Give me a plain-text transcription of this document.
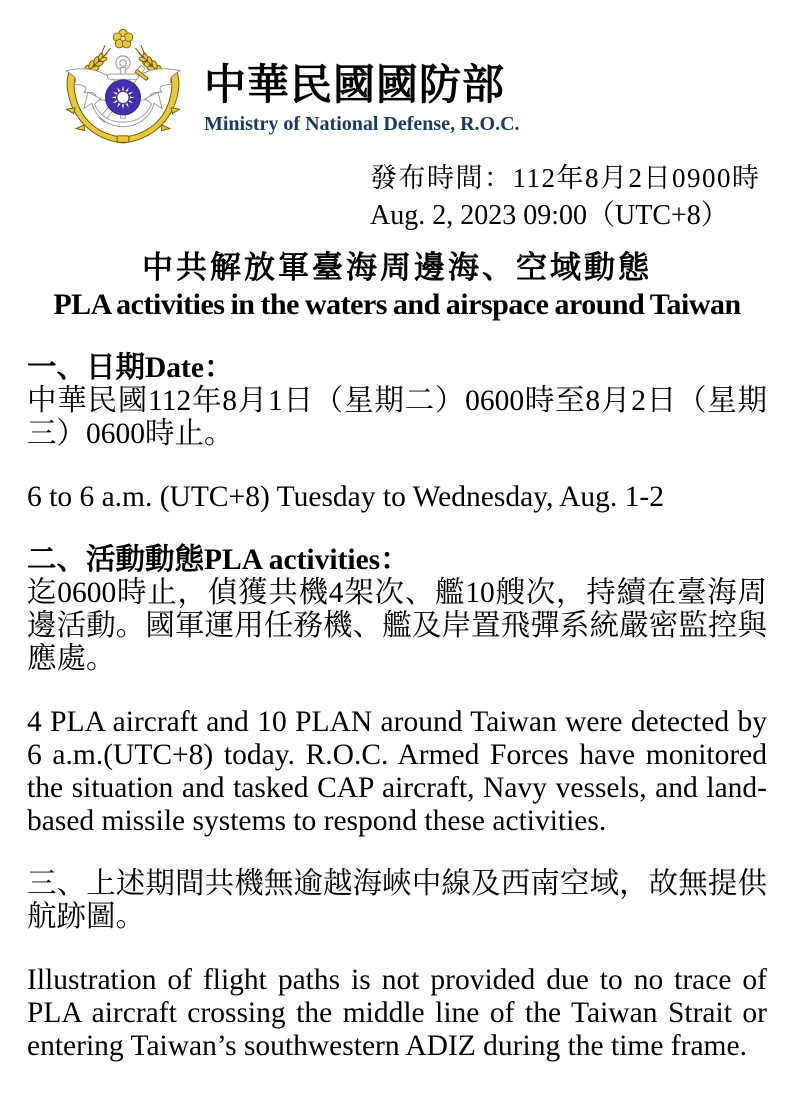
中華民國國防部
Ministry of National Defense, R.O.C.
發布時間：112年8月2日0900時
Aug. 2, 2023 09:00（UTC+8）
中共解放軍臺海周邊海、空域動態
PLA activities in the waters and airspace around Taiwan

一、日期Date：

中華民國112年8月1日（星期二）0600時至8月2日（星期三）0600時止。

6 to 6 a.m. (UTC+8) Tuesday to Wednesday, Aug. 1-2

二、活動動態PLA activities：

迄0600時止，偵獲共機4架次、艦10艘次，持續在臺海周邊活動。國軍運用任務機、艦及岸置飛彈系統嚴密監控與應處。

4 PLA aircraft and 10 PLAN around Taiwan were detected by 6 a.m.(UTC+8) today. R.O.C. Armed Forces have monitored the situation and tasked CAP aircraft, Navy vessels, and land-based missile systems to respond these activities.

三、上述期間共機無逾越海峽中線及西南空域，故無提供航跡圖。

Illustration of flight paths is not provided due to no trace of PLA aircraft crossing the middle line of the Taiwan Strait or entering Taiwan’s southwestern ADIZ during the time frame.
